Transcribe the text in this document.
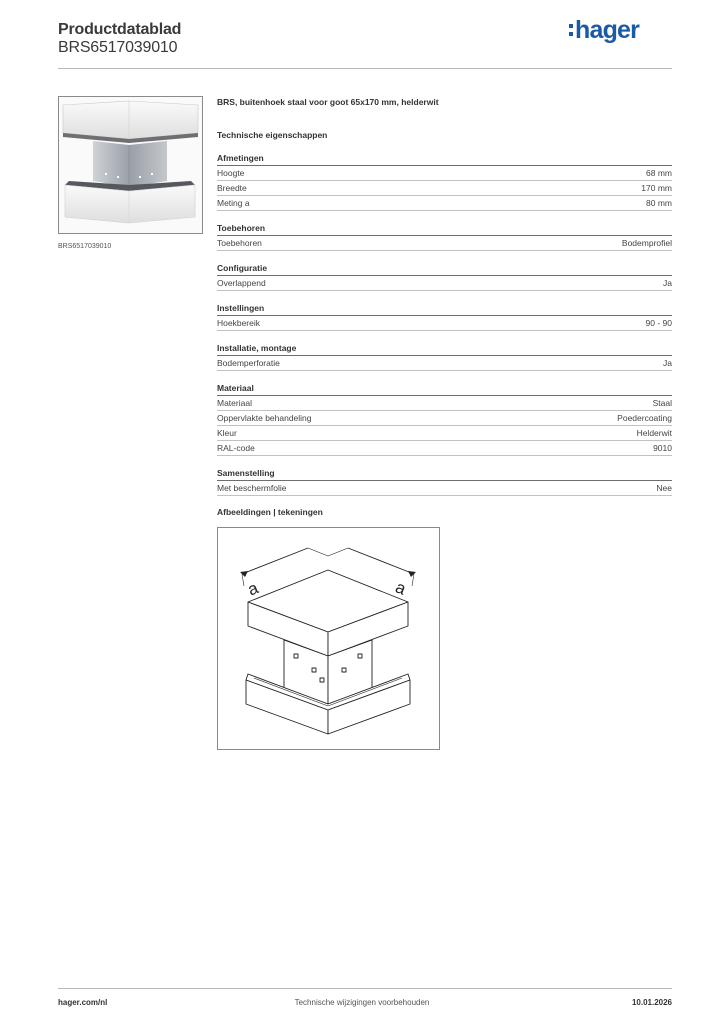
Productdatablad
BRS6517039010
hager
BRS6517039010
BRS, buitenhoek staal voor goot 65x170 mm, helderwit
Technische eigenschappen
Afmetingen
Hoogte	68 mm
Breedte	170 mm
Meting a	80 mm
Toebehoren
Toebehoren	Bodemprofiel
Configuratie
Overlappend	Ja
Instellingen
Hoekbereik	90 - 90
Installatie, montage
Bodemperforatie	Ja
Materiaal
Materiaal	Staal
Oppervlakte behandeling	Poedercoating
Kleur	Helderwit
RAL-code	9010
Samenstelling
Met beschermfolie	Nee
Afbeeldingen | tekeningen
a	a
hager.com/nl	Technische wijzigingen voorbehouden	10.01.2026
